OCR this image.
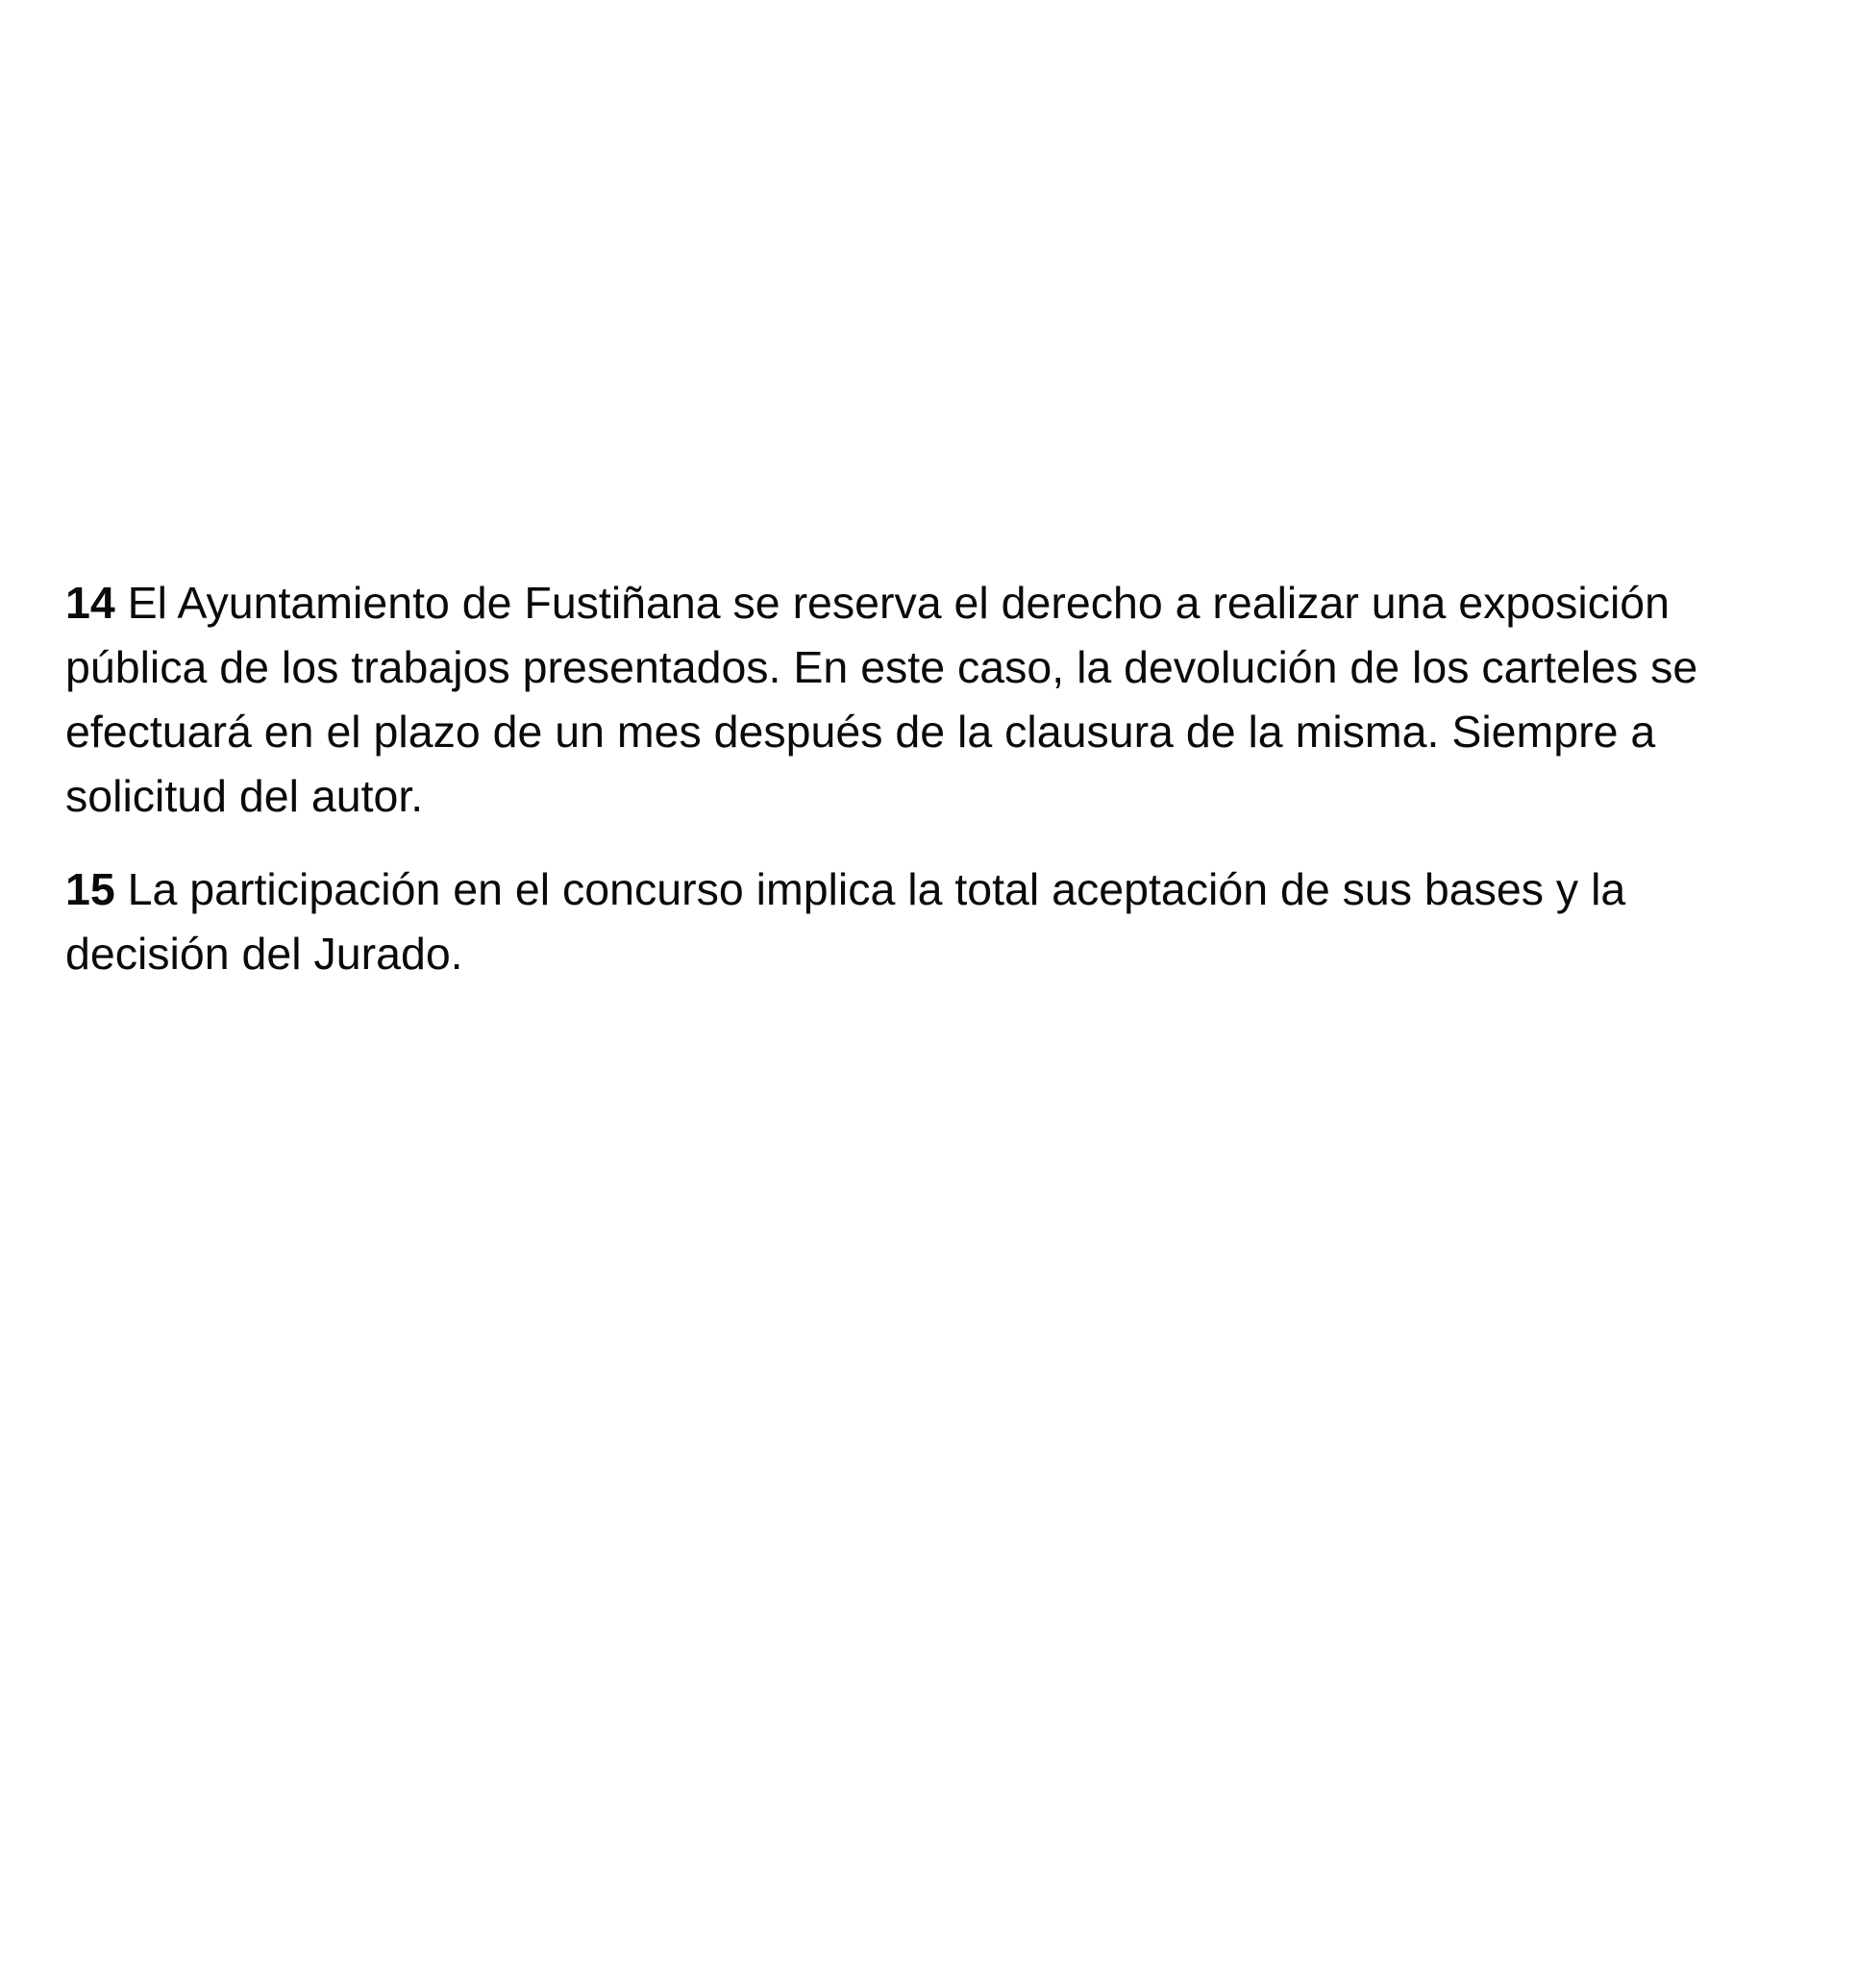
14 El Ayuntamiento de Fustiñana se reserva el derecho a realizar una exposición pública de los trabajos presentados. En este caso, la devolución de los carteles se efectuará en el plazo de un mes después de la clausura de la misma. Siempre a solicitud del autor.

15 La participación en el concurso implica la total aceptación de sus bases y la decisión del Jurado.
